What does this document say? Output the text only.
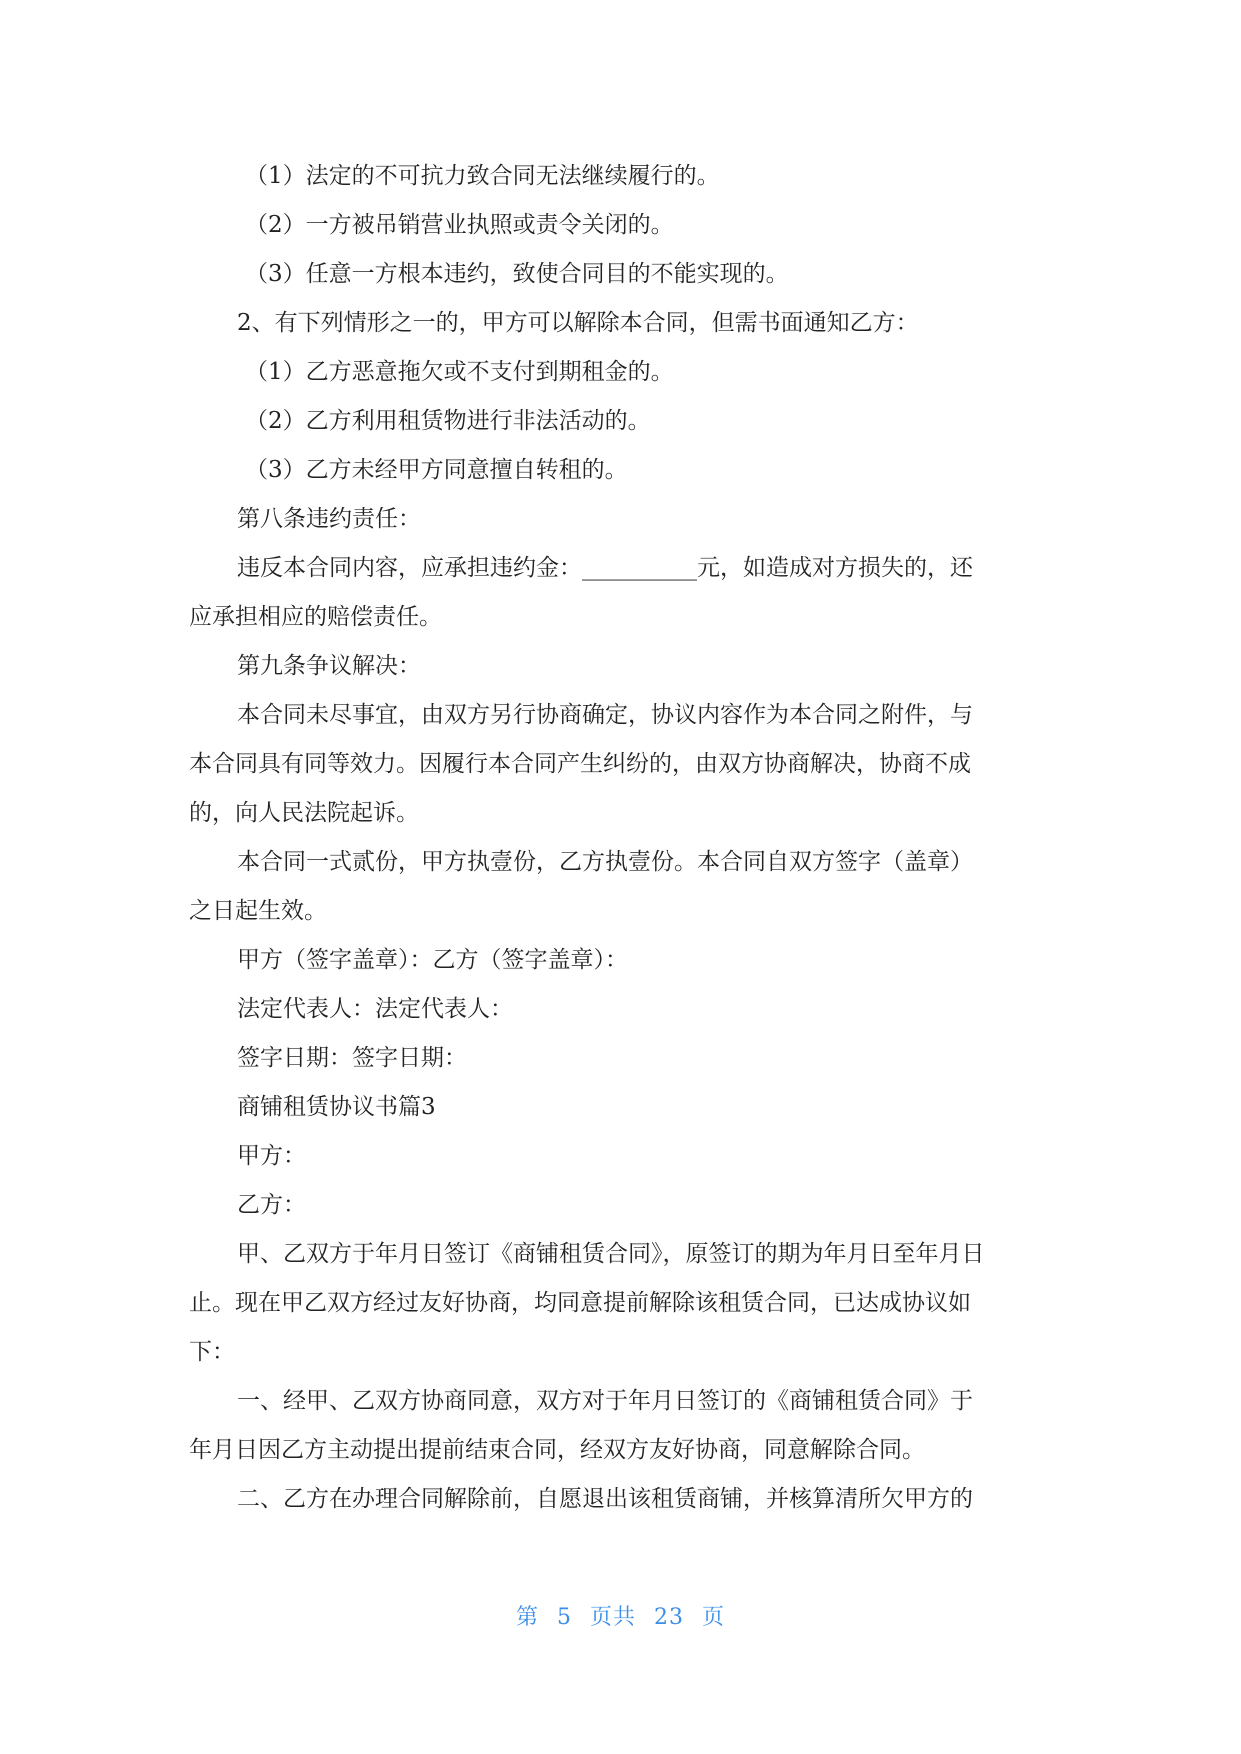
（1）法定的不可抗力致合同无法继续履行的。

（2）一方被吊销营业执照或责令关闭的。

（3）任意一方根本违约，致使合同目的不能实现的。

2、有下列情形之一的，甲方可以解除本合同，但需书面通知乙方：

（1）乙方恶意拖欠或不支付到期租金的。

（2）乙方利用租赁物进行非法活动的。

（3）乙方未经甲方同意擅自转租的。

第八条违约责任：

违反本合同内容，应承担违约金：__________元，如造成对方损失的，还

应承担相应的赔偿责任。

第九条争议解决：

本合同未尽事宜，由双方另行协商确定，协议内容作为本合同之附件，与

本合同具有同等效力。因履行本合同产生纠纷的，由双方协商解决，协商不成

的，向人民法院起诉。

本合同一式贰份，甲方执壹份，乙方执壹份。本合同自双方签字（盖章）

之日起生效。

甲方（签字盖章）：乙方（签字盖章）：

法定代表人：法定代表人：

签字日期：签字日期：

商铺租赁协议书篇3

甲方：

乙方：

甲、乙双方于年月日签订《商铺租赁合同》，原签订的期为年月日至年月日

止。现在甲乙双方经过友好协商，均同意提前解除该租赁合同，已达成协议如

下：

一、经甲、乙双方协商同意，双方对于年月日签订的《商铺租赁合同》于

年月日因乙方主动提出提前结束合同，经双方友好协商，同意解除合同。

二、乙方在办理合同解除前，自愿退出该租赁商铺，并核算清所欠甲方的

第 5 页共 23 页
